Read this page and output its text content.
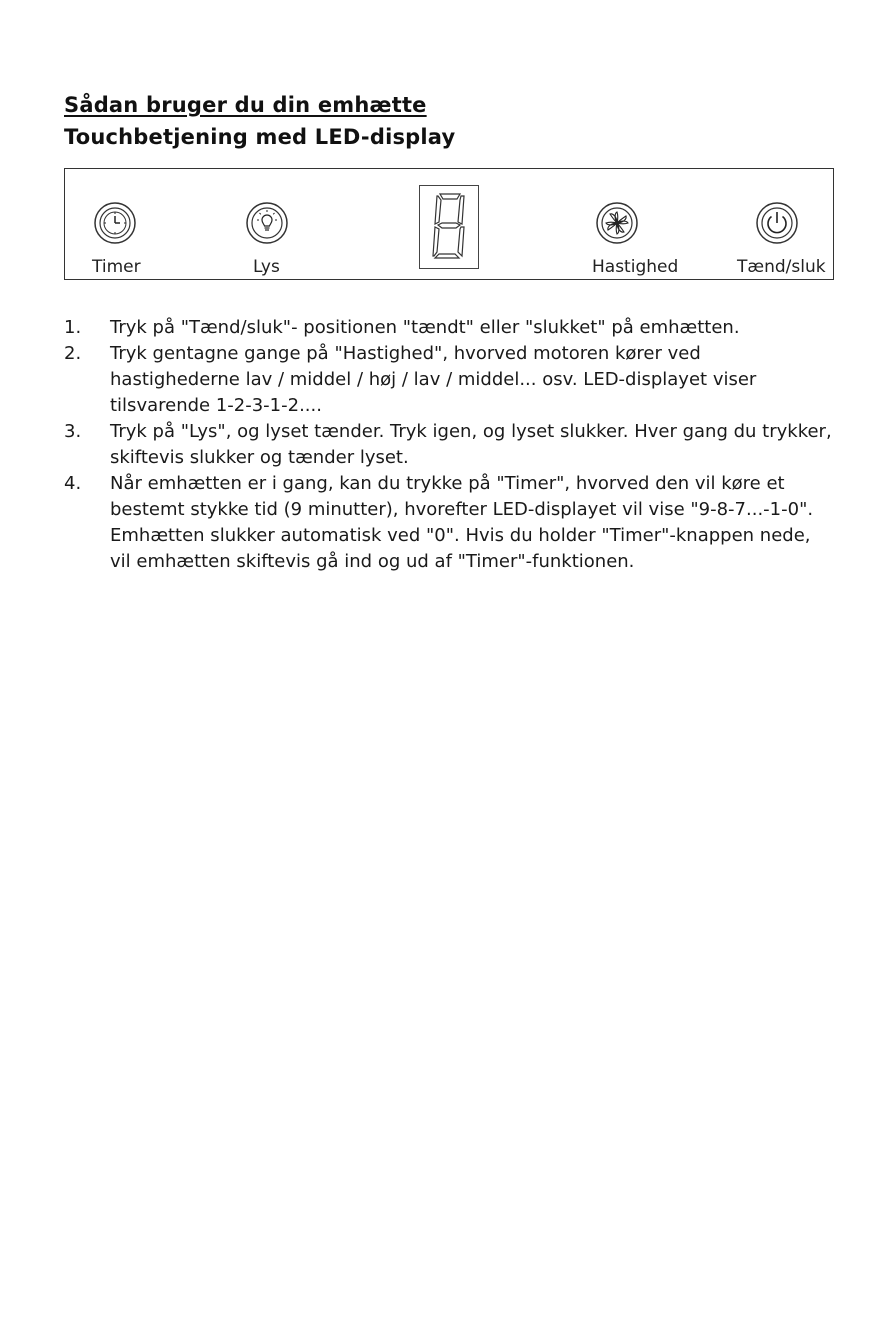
Sådan bruger du din emhætte
Touchbetjening med LED-display
Timer	Lys	Hastighed	Tænd/sluk
1. Tryk på "Tænd/sluk"- positionen "tændt" eller "slukket" på emhætten.
2. Tryk gentagne gange på "Hastighed", hvorved motoren kører ved hastighederne lav / middel / høj / lav / middel... osv. LED-displayet viser tilsvarende 1-2-3-1-2....
3. Tryk på "Lys", og lyset tænder. Tryk igen, og lyset slukker. Hver gang du trykker, skiftevis slukker og tænder lyset.
4. Når emhætten er i gang, kan du trykke på "Timer", hvorved den vil køre et bestemt stykke tid (9 minutter), hvorefter LED-displayet vil vise "9-8-7...-1-0". Emhætten slukker automatisk ved "0". Hvis du holder "Timer"-knappen nede, vil emhætten skiftevis gå ind og ud af "Timer"-funktionen.
